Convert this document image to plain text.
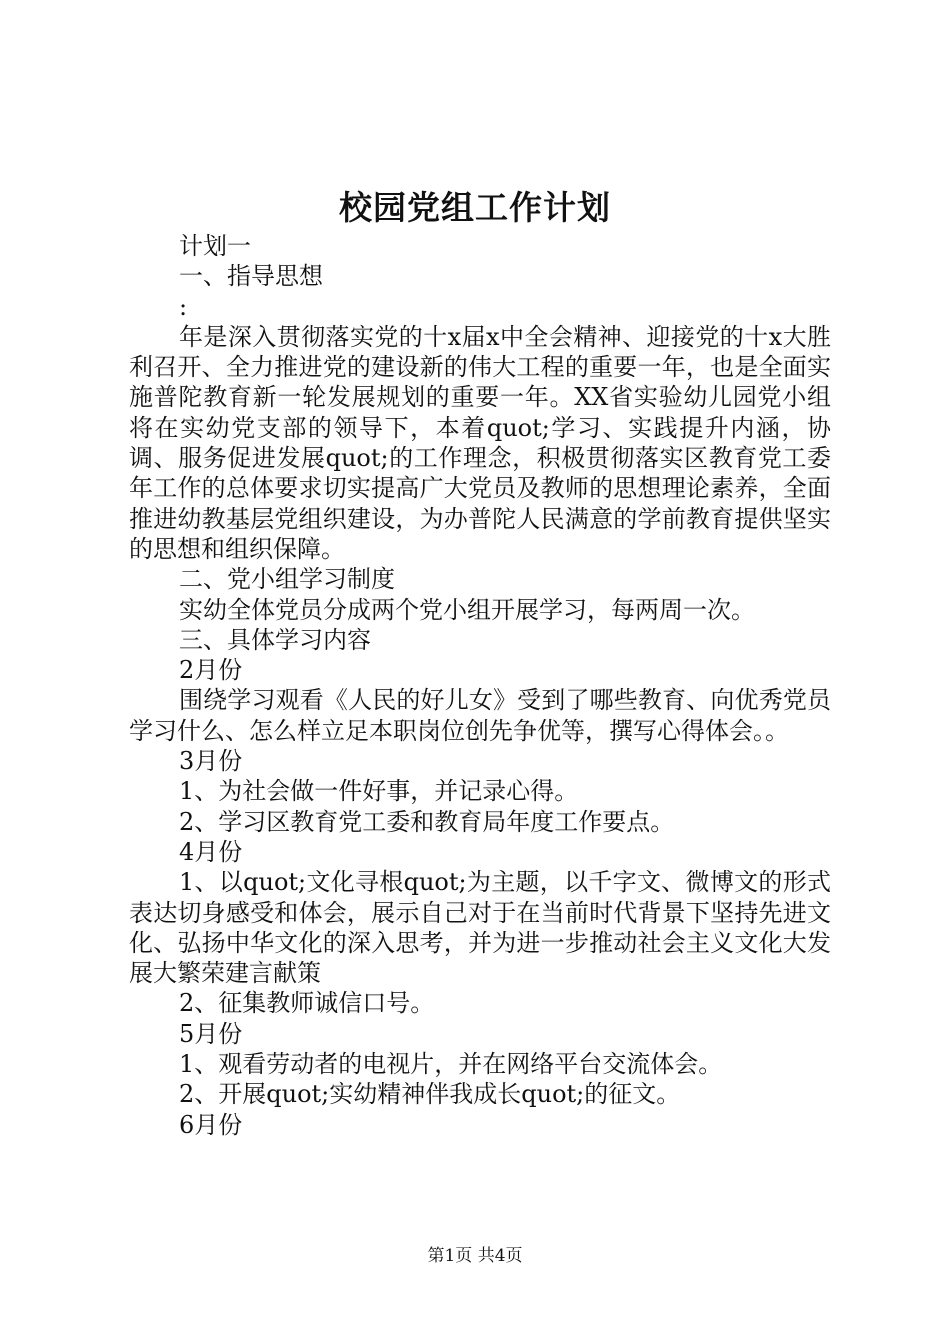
校园党组工作计划

计划一

一、指导思想

:

年是深入贯彻落实党的十x届x中全会精神、迎接党的十x大胜利召开、全力推进党的建设新的伟大工程的重要一年，也是全面实施普陀教育新一轮发展规划的重要一年。XX省实验幼儿园党小组将在实幼党支部的领导下，本着quot;学习、实践提升内涵，协调、服务促进发展quot;的工作理念，积极贯彻落实区教育党工委年工作的总体要求切实提高广大党员及教师的思想理论素养，全面推进幼教基层党组织建设，为办普陀人民满意的学前教育提供坚实的思想和组织保障。

二、党小组学习制度

实幼全体党员分成两个党小组开展学习，每两周一次。

三、具体学习内容

2月份

围绕学习观看《人民的好儿女》受到了哪些教育、向优秀党员学习什么、怎么样立足本职岗位创先争优等，撰写心得体会。。

3月份

1、为社会做一件好事，并记录心得。

2、学习区教育党工委和教育局年度工作要点。

4月份

1、以quot;文化寻根quot;为主题，以千字文、微博文的形式表达切身感受和体会，展示自己对于在当前时代背景下坚持先进文化、弘扬中华文化的深入思考，并为进一步推动社会主义文化大发展大繁荣建言献策

2、征集教师诚信口号。

5月份

1、观看劳动者的电视片，并在网络平台交流体会。

2、开展quot;实幼精神伴我成长quot;的征文。

6月份

第1页 共4页
